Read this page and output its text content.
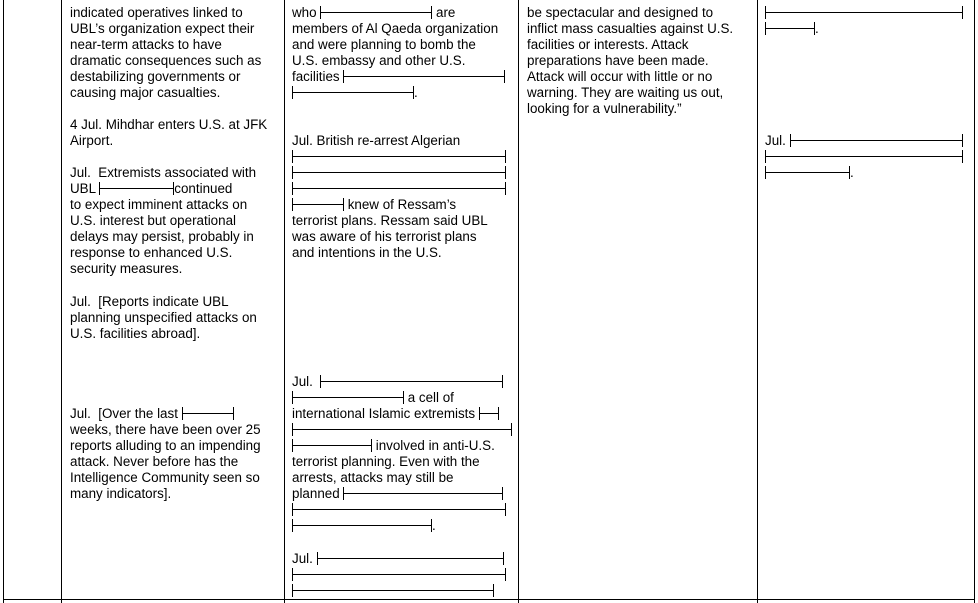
indicated operatives linked to
UBL’s organization expect their
near-term attacks to have
dramatic consequences such as
destabilizing governments or
causing major casualties.
4 Jul. Mihdhar enters U.S. at JFK
Airport.
Jul.  Extremists associated with
UBL	continued
to expect imminent attacks on
U.S. interest but operational
delays may persist, probably in
response to enhanced U.S.
security measures.
Jul.  [Reports indicate UBL
planning unspecified attacks on
U.S. facilities abroad].
Jul.  [Over the last
weeks, there have been over 25
reports alluding to an impending
attack. Never before has the
Intelligence Community seen so
many indicators].
who	are
members of Al Qaeda organization
and were planning to bomb the
U.S. embassy and other U.S.
facilities
.
Jul. British re-arrest Algerian
knew of Ressam’s
terrorist plans. Ressam said UBL
was aware of his terrorist plans
and intentions in the U.S.
Jul.
a cell of
international Islamic extremists
involved in anti-U.S.
terrorist planning. Even with the
arrests, attacks may still be
planned
.
Jul.
be spectacular and designed to
inflict mass casualties against U.S.
facilities or interests. Attack
preparations have been made.
Attack will occur with little or no
warning. They are waiting us out,
looking for a vulnerability.”
.
Jul.
.
